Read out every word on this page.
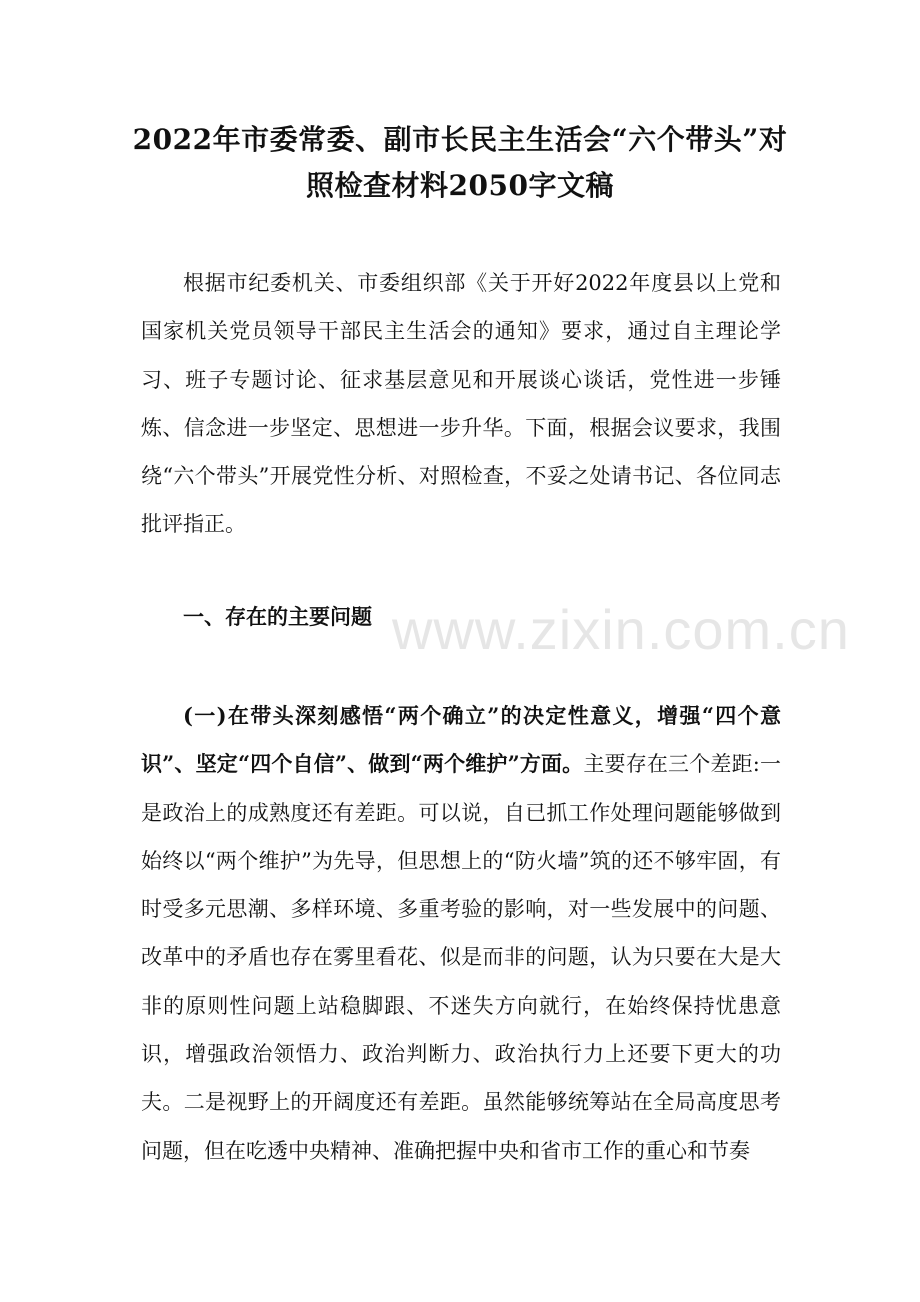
2022年市委常委、副市长民主生活会“六个带头”对照检查材料2050字文稿

根据市纪委机关、市委组织部《关于开好2022年度县以上党和国家机关党员领导干部民主生活会的通知》要求，通过自主理论学习、班子专题讨论、征求基层意见和开展谈心谈话，党性进一步锤炼、信念进一步坚定、思想进一步升华。下面，根据会议要求，我围绕“六个带头”开展党性分析、对照检查，不妥之处请书记、各位同志批评指正。

一、存在的主要问题

(一)在带头深刻感悟“两个确立”的决定性意义，增强“四个意识”、坚定“四个自信”、做到“两个维护”方面。主要存在三个差距:一是政治上的成熟度还有差距。可以说，自已抓工作处理问题能够做到始终以“两个维护”为先导，但思想上的“防火墙”筑的还不够牢固，有时受多元思潮、多样环境、多重考验的影响，对一些发展中的问题、改革中的矛盾也存在雾里看花、似是而非的问题，认为只要在大是大非的原则性问题上站稳脚跟、不迷失方向就行，在始终保持忧患意识，增强政治领悟力、政治判断力、政治执行力上还要下更大的功夫。二是视野上的开阔度还有差距。虽然能够统筹站在全局高度思考问题，但在吃透中央精神、准确把握中央和省市工作的重心和节奏

www.zixin.com.cn
